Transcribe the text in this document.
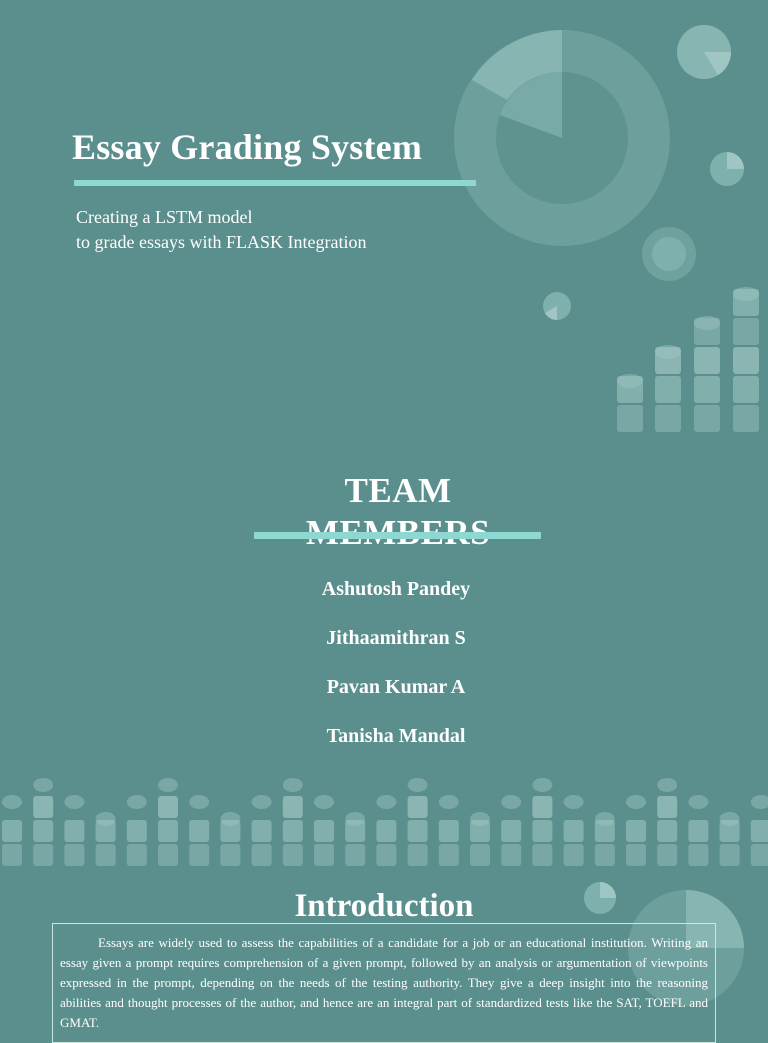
Essay Grading System
Creating a LSTM model
to grade essays with FLASK Integration
TEAM

Ashutosh Pandey
Jithaamithran S
Pavan Kumar A
Tanisha Mandal
Introduction

Essays are widely used to assess the capabilities of a candidate for a job or an educational institution. Writing an essay given a prompt requires comprehension of a given prompt, followed by an analysis or argumentation of viewpoints expressed in the prompt, depending on the needs of the testing authority. They give a deep insight into the reasoning abilities and thought processes of the author, and hence are an integral part of standardized tests like the SAT, TOEFL and GMAT.
